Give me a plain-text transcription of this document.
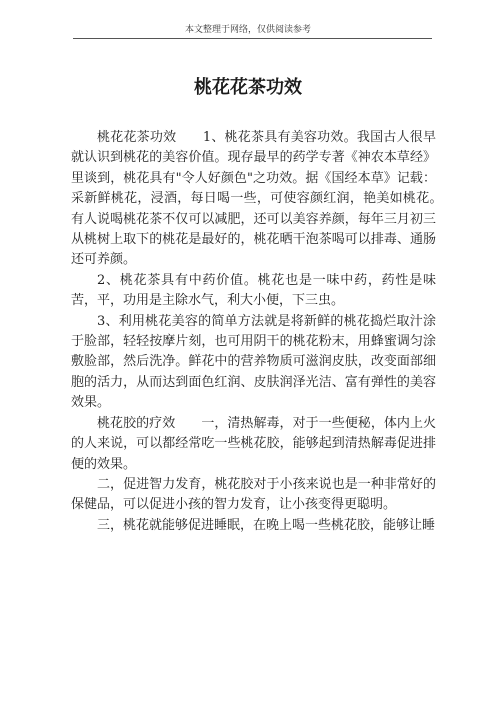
本文整理于网络，仅供阅读参考
桃花花茶功效

桃花花茶功效　　1、桃花茶具有美容功效。我国古人很早就认识到桃花的美容价值。现存最早的药学专著《神农本草经》里谈到，桃花具有"令人好颜色"之功效。据《国经本草》记载：采新鲜桃花，浸酒，每日喝一些，可使容颜红润，艳美如桃花。　有人说喝桃花茶不仅可以减肥，还可以美容养颜，每年三月初三从桃树上取下的桃花是最好的，桃花晒干泡茶喝可以排毒、通肠还可养颜。

2、桃花茶具有中药价值。桃花也是一味中药，药性是味苦，平，功用是主除水气，利大小便，下三虫。

3、利用桃花美容的简单方法就是将新鲜的桃花捣烂取汁涂于脸部，轻轻按摩片刻，也可用阴干的桃花粉末，用蜂蜜调匀涂敷脸部，然后洗净。鲜花中的营养物质可滋润皮肤，改变面部细胞的活力，从而达到面色红润、皮肤润泽光洁、富有弹性的美容效果。

桃花胶的疗效　　一，清热解毒，对于一些便秘，体内上火的人来说，可以都经常吃一些桃花胶，能够起到清热解毒促进排便的效果。

二，促进智力发育，桃花胶对于小孩来说也是一种非常好的保健品，可以促进小孩的智力发育，让小孩变得更聪明。

三，桃花就能够促进睡眠，在晚上喝一些桃花胶，能够让睡
